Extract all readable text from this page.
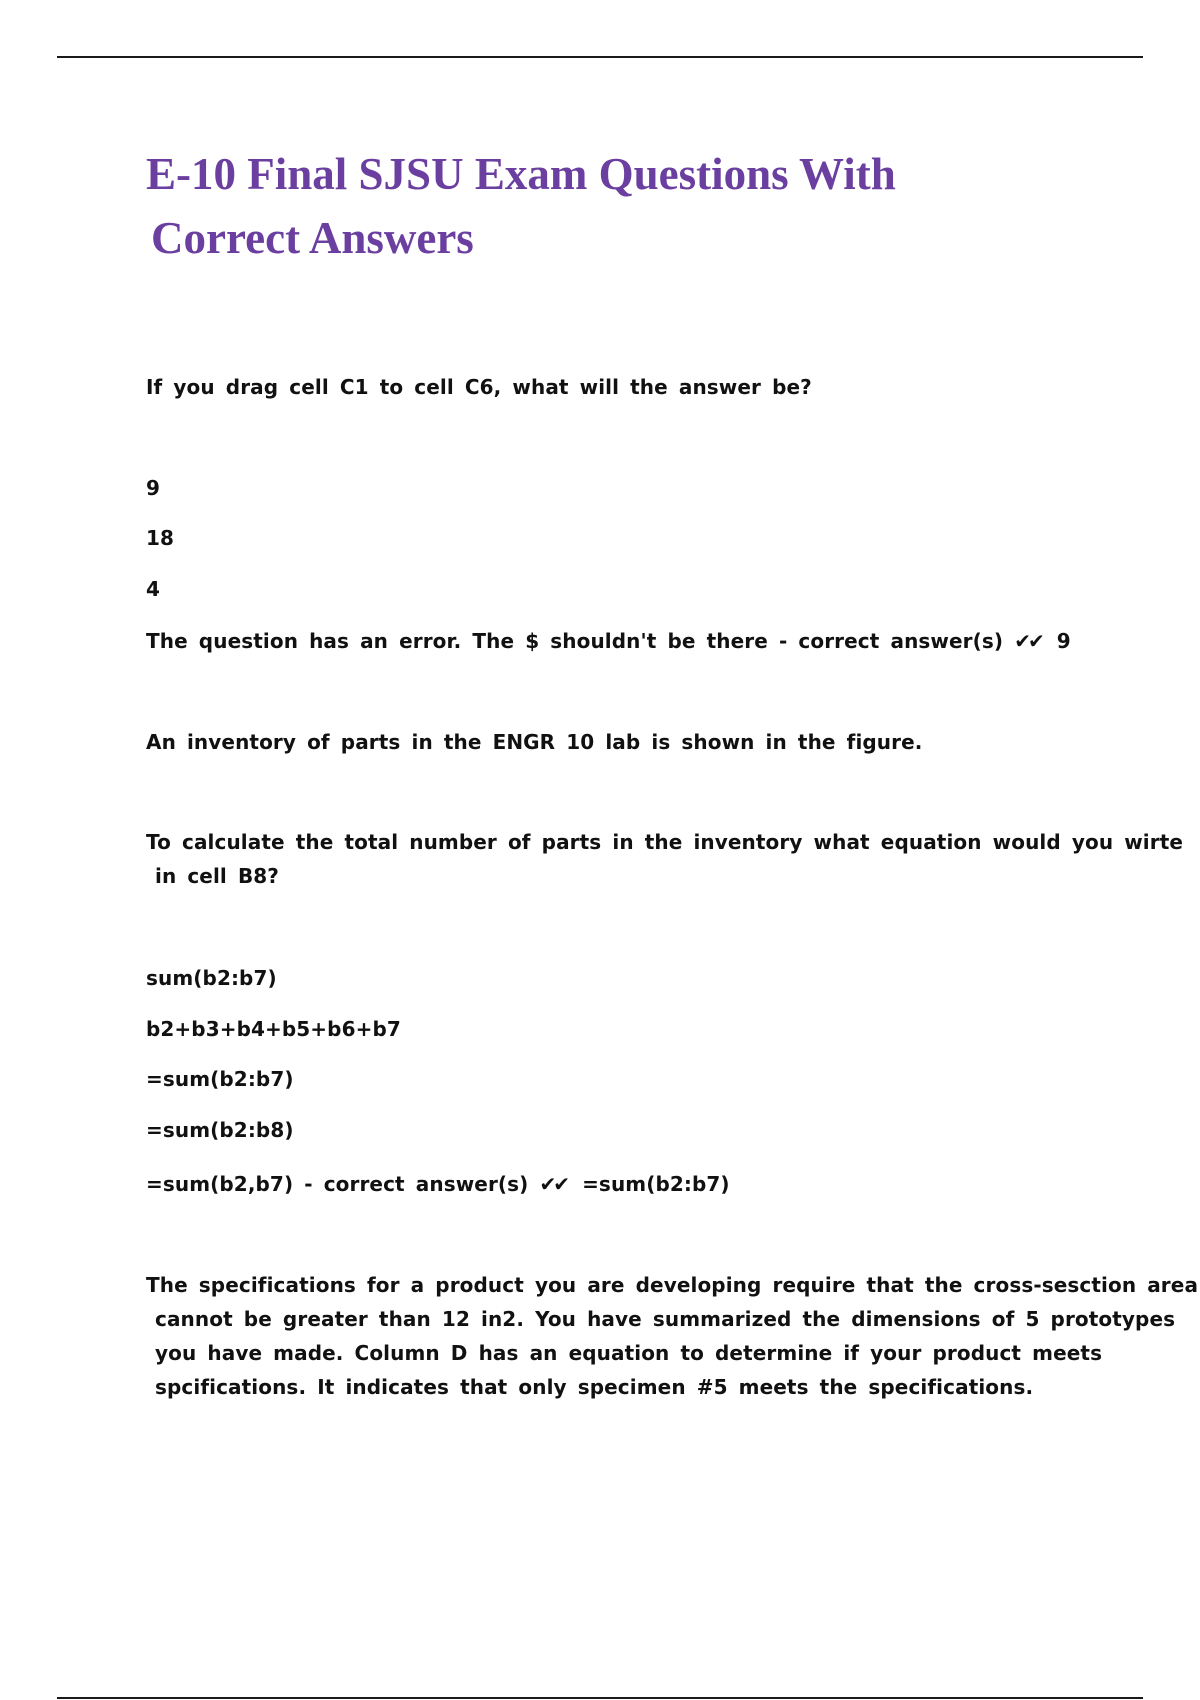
E-10 Final SJSU Exam Questions With
Correct Answers

If you drag cell C1 to cell C6, what will the answer be?

9

18

4

The question has an error. The $ shouldn't be there - correct answer(s) ✔✔ 9

An inventory of parts in the ENGR 10 lab is shown in the figure.

To calculate the total number of parts in the inventory what equation would you wirte
in cell B8?

sum(b2:b7)

b2+b3+b4+b5+b6+b7

=sum(b2:b7)

=sum(b2:b8)

=sum(b2,b7) - correct answer(s) ✔✔ =sum(b2:b7)

The specifications for a product you are developing require that the cross-sesction area

cannot be greater than 12 in2. You have summarized the dimensions of 5 prototypes
you have made. Column D has an equation to determine if your product meets
spcifications. It indicates that only specimen #5 meets the specifications.
